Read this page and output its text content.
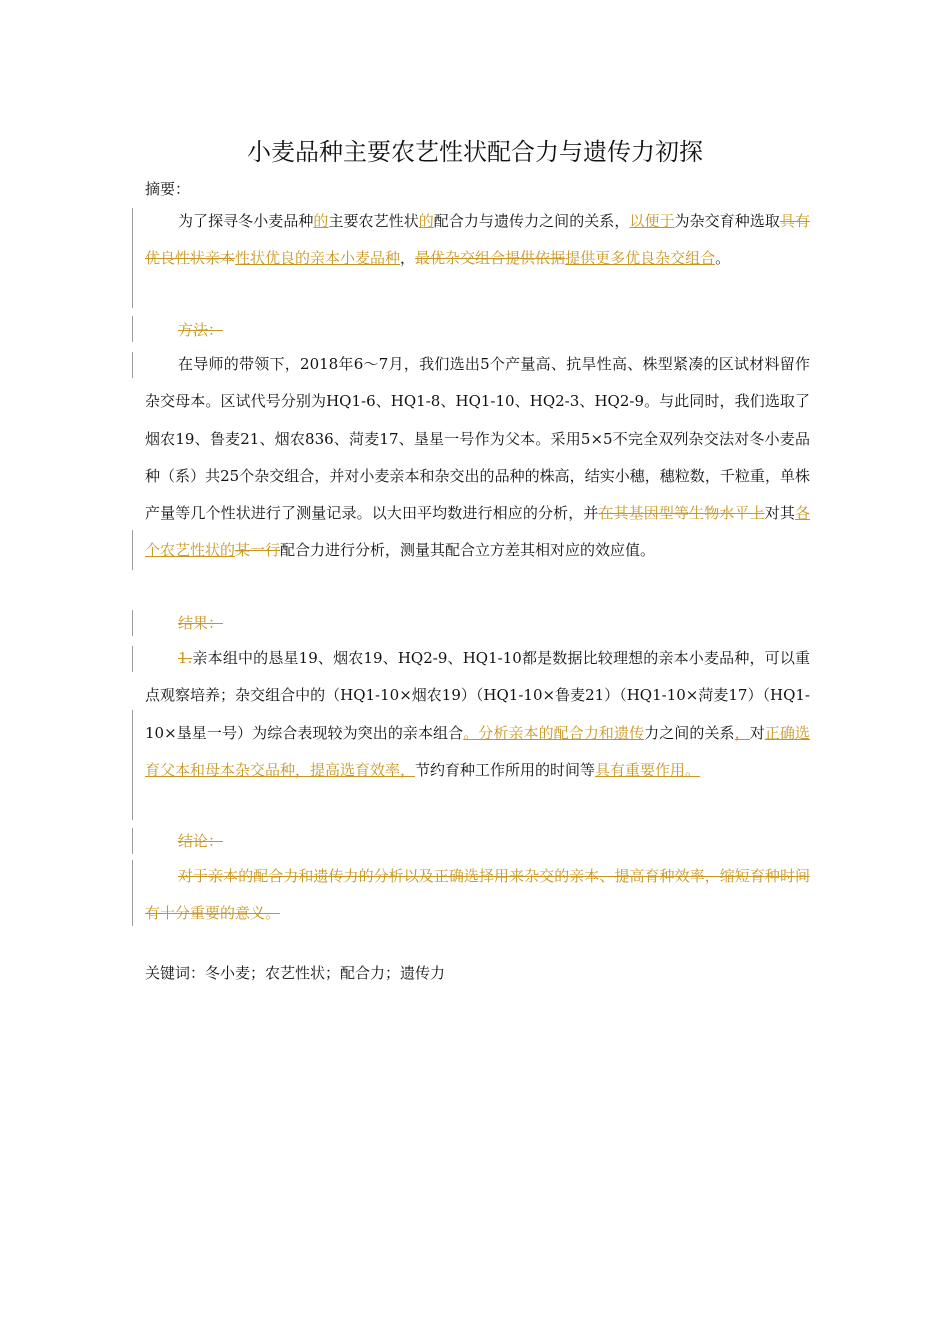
小麦品种主要农艺性状配合力与遗传力初探
摘要：

为了探寻冬小麦品种的主要农艺性状的配合力与遗传力之间的关系，以便于为杂交育种选取具有优良性状亲本性状优良的亲本小麦品种，最优杂交组合提供依据提供更多优良杂交组合。

方法：

在导师的带领下，2018年6～7月，我们选出5个产量高、抗旱性高、株型紧凑的区试材料留作杂交母本。区试代号分别为HQ1-6、HQ1-8、HQ1-10、HQ2-3、HQ2-9。与此同时，我们选取了烟农19、鲁麦21、烟农836、菏麦17、垦星一号作为父本。采用5×5不完全双列杂交法对冬小麦品种（系）共25个杂交组合，并对小麦亲本和杂交出的品种的株高，结实小穗，穗粒数，千粒重，单株产量等几个性状进行了测量记录。以大田平均数进行相应的分析，并在其基因型等生物水平上对其各个农艺性状的某一行配合力进行分析，测量其配合立方差其相对应的效应值。

结果：

1.亲本组中的恳星19、烟农19、HQ2-9、HQ1-10都是数据比较理想的亲本小麦品种，可以重点观察培养；杂交组合中的（HQ1-10×烟农19）（HQ1-10×鲁麦21）（HQ1-10×菏麦17）（HQ1-10×垦星一号）为综合表现较为突出的亲本组合。分析亲本的配合力和遗传力之间的关系，对正确选育父本和母本杂交品种，提高选育效率，节约育种工作所用的时间等具有重要作用。

结论：

对于亲本的配合力和遗传力的分析以及正确选择用来杂交的亲本、提高育种效率，缩短育种时间有十分重要的意义。

关键词：冬小麦；农艺性状；配合力；遗传力
